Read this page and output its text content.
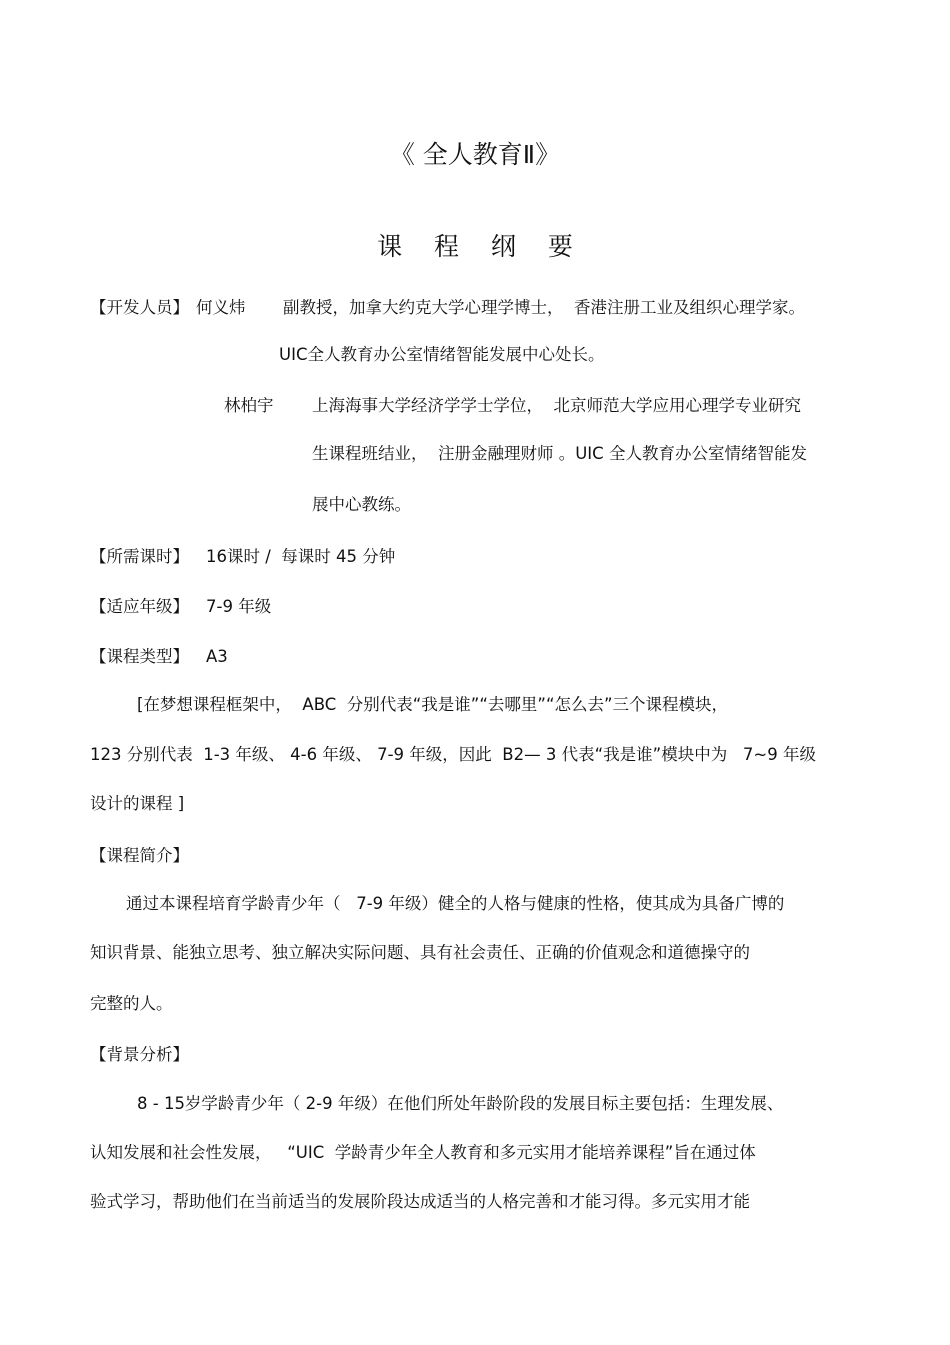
《 全人教育Ⅱ》
课 程 纲 要
【开发人员】 何义炜 副教授，加拿大约克大学心理学博士，  香港注册工业及组织心理学家。
UIC全人教育办公室情绪智能发展中心处长。
林柏宇 上海海事大学经济学学士学位，  北京师范大学应用心理学专业研究
生课程班结业，  注册金融理财师 。UIC 全人教育办公室情绪智能发
展中心教练。
【所需课时】 16课时 /  每课时 45 分钟
【适应年级】 7-9 年级
【课程类型】 A3
[在梦想课程框架中，  ABC  分别代表“我是谁”“去哪里”“怎么去”三个课程模块，
123 分别代表  1-3 年级、 4-6 年级、 7-9 年级，因此  B2— 3 代表“我是谁”模块中为   7~9 年级
设计的课程 ]
【课程简介】
通过本课程培育学龄青少年（   7-9 年级）健全的人格与健康的性格，使其成为具备广博的
知识背景、能独立思考、独立解决实际问题、具有社会责任、正确的价值观念和道德操守的
完整的人。
【背景分析】
8 - 15岁学龄青少年（ 2-9 年级）在他们所处年龄阶段的发展目标主要包括：生理发展、
认知发展和社会性发展，   “UIC  学龄青少年全人教育和多元实用才能培养课程”旨在通过体
验式学习，帮助他们在当前适当的发展阶段达成适当的人格完善和才能习得。多元实用才能
